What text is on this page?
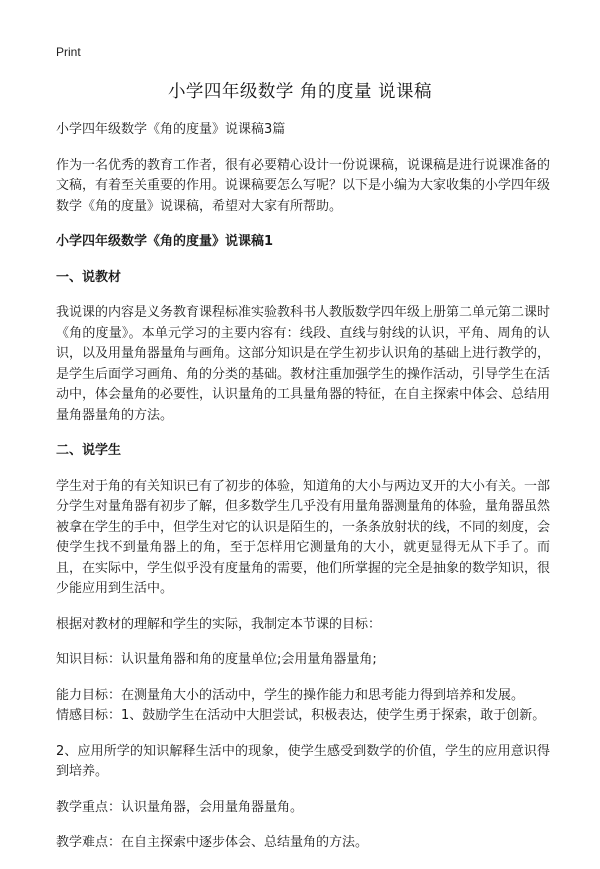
Print
小学四年级数学 角的度量 说课稿

小学四年级数学《角的度量》说课稿3篇

作为一名优秀的教育工作者，很有必要精心设计一份说课稿，说课稿是进行说课准备的文稿，有着至关重要的作用。说课稿要怎么写呢？以下是小编为大家收集的小学四年级数学《角的度量》说课稿，希望对大家有所帮助。

小学四年级数学《角的度量》说课稿1

一、说教材

我说课的内容是义务教育课程标准实验教科书人教版数学四年级上册第二单元第二课时《角的度量》。本单元学习的主要内容有：线段、直线与射线的认识，平角、周角的认识，以及用量角器量角与画角。这部分知识是在学生初步认识角的基础上进行教学的，是学生后面学习画角、角的分类的基础。教材注重加强学生的操作活动，引导学生在活动中，体会量角的必要性，认识量角的工具量角器的特征，在自主探索中体会、总结用量角器量角的方法。

二、说学生

学生对于角的有关知识已有了初步的体验，知道角的大小与两边叉开的大小有关。一部分学生对量角器有初步了解，但多数学生几乎没有用量角器测量角的体验，量角器虽然被拿在学生的手中，但学生对它的认识是陌生的，一条条放射状的线，不同的刻度，会使学生找不到量角器上的角，至于怎样用它测量角的大小，就更显得无从下手了。而且，在实际中，学生似乎没有度量角的需要，他们所掌握的完全是抽象的数学知识，很少能应用到生活中。

根据对教材的理解和学生的实际，我制定本节课的目标：

知识目标：认识量角器和角的度量单位;会用量角器量角;

能力目标：在测量角大小的活动中，学生的操作能力和思考能力得到培养和发展。

情感目标：1、鼓励学生在活动中大胆尝试，积极表达，使学生勇于探索，敢于创新。

2、应用所学的知识解释生活中的现象，使学生感受到数学的价值，学生的应用意识得到培养。

教学重点：认识量角器，会用量角器量角。

教学难点：在自主探索中逐步体会、总结量角的方法。
